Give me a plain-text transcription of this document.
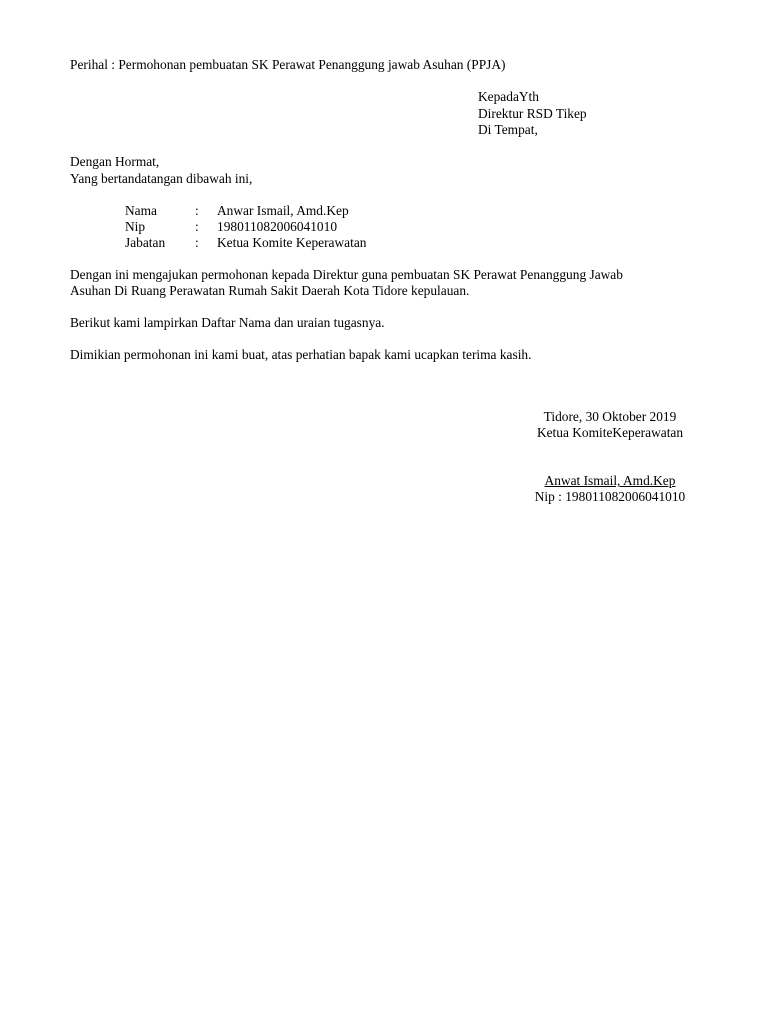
Perihal : Permohonan pembuatan SK Perawat Penanggung jawab Asuhan (PPJA)

KepadaYth

Direktur RSD Tikep

Di Tempat,

Dengan Hormat,

Yang bertandatangan dibawah ini,

Nama	: Anwar Ismail, Amd.Kep
Nip	: 198011082006041010
Jabatan : Ketua Komite Keperawatan

Dengan ini mengajukan permohonan kepada Direktur guna pembuatan SK Perawat Penanggung Jawab

Asuhan Di Ruang Perawatan Rumah Sakit Daerah Kota Tidore kepulauan.

Berikut kami lampirkan Daftar Nama dan uraian tugasnya.

Dimikian permohonan ini kami buat, atas perhatian bapak kami ucapkan terima kasih.

Tidore, 30 Oktober 2019

Ketua KomiteKeperawatan

Anwat Ismail, Amd.Kep

Nip : 198011082006041010
